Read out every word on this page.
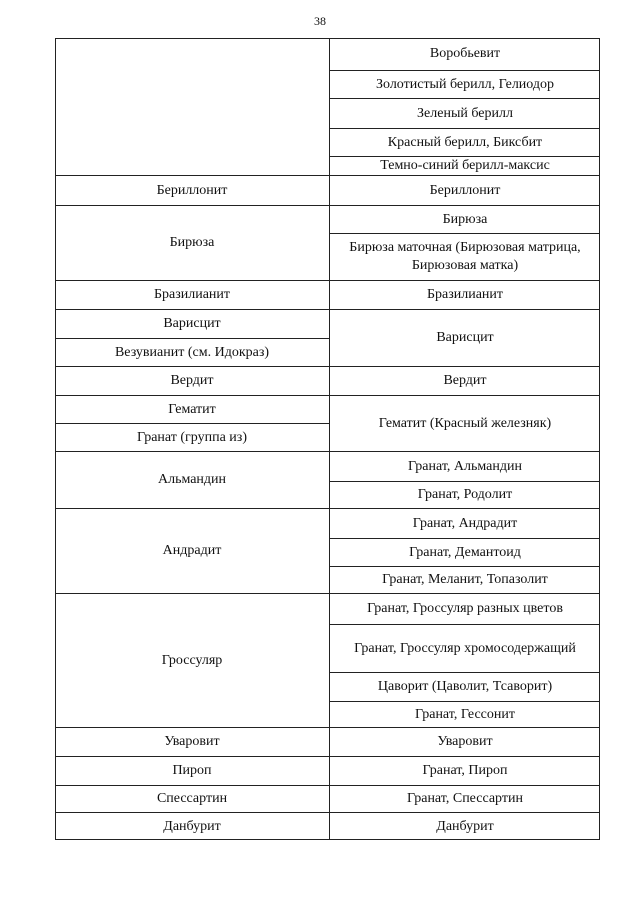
38
Бериллонит
Бирюза
Бразилианит
Варисцит
Везувианит (см. Идокраз)
Вердит
Гематит
Гранат (группа из)
Альмандин
Андрадит
Гроссуляр
Уваровит
Пироп
Спессартин
Данбурит
Воробьевит
Золотистый берилл, Гелиодор
Зеленый берилл
Красный берилл, Биксбит
Темно-синий берилл-максис
Бериллонит
Бирюза
Бирюза маточная (Бирюзовая матрица, Бирюзовая матка)
Бразилианит
Варисцит
Вердит
Гематит (Красный железняк)
Гранат, Альмандин
Гранат, Родолит
Гранат, Андрадит
Гранат, Демантоид
Гранат, Меланит, Топазолит
Гранат, Гроссуляр разных цветов
Гранат, Гроссуляр хромосодержащий
Цаворит (Цаволит, Тсаворит)
Гранат, Гессонит
Уваровит
Гранат, Пироп
Гранат, Спессартин
Данбурит
